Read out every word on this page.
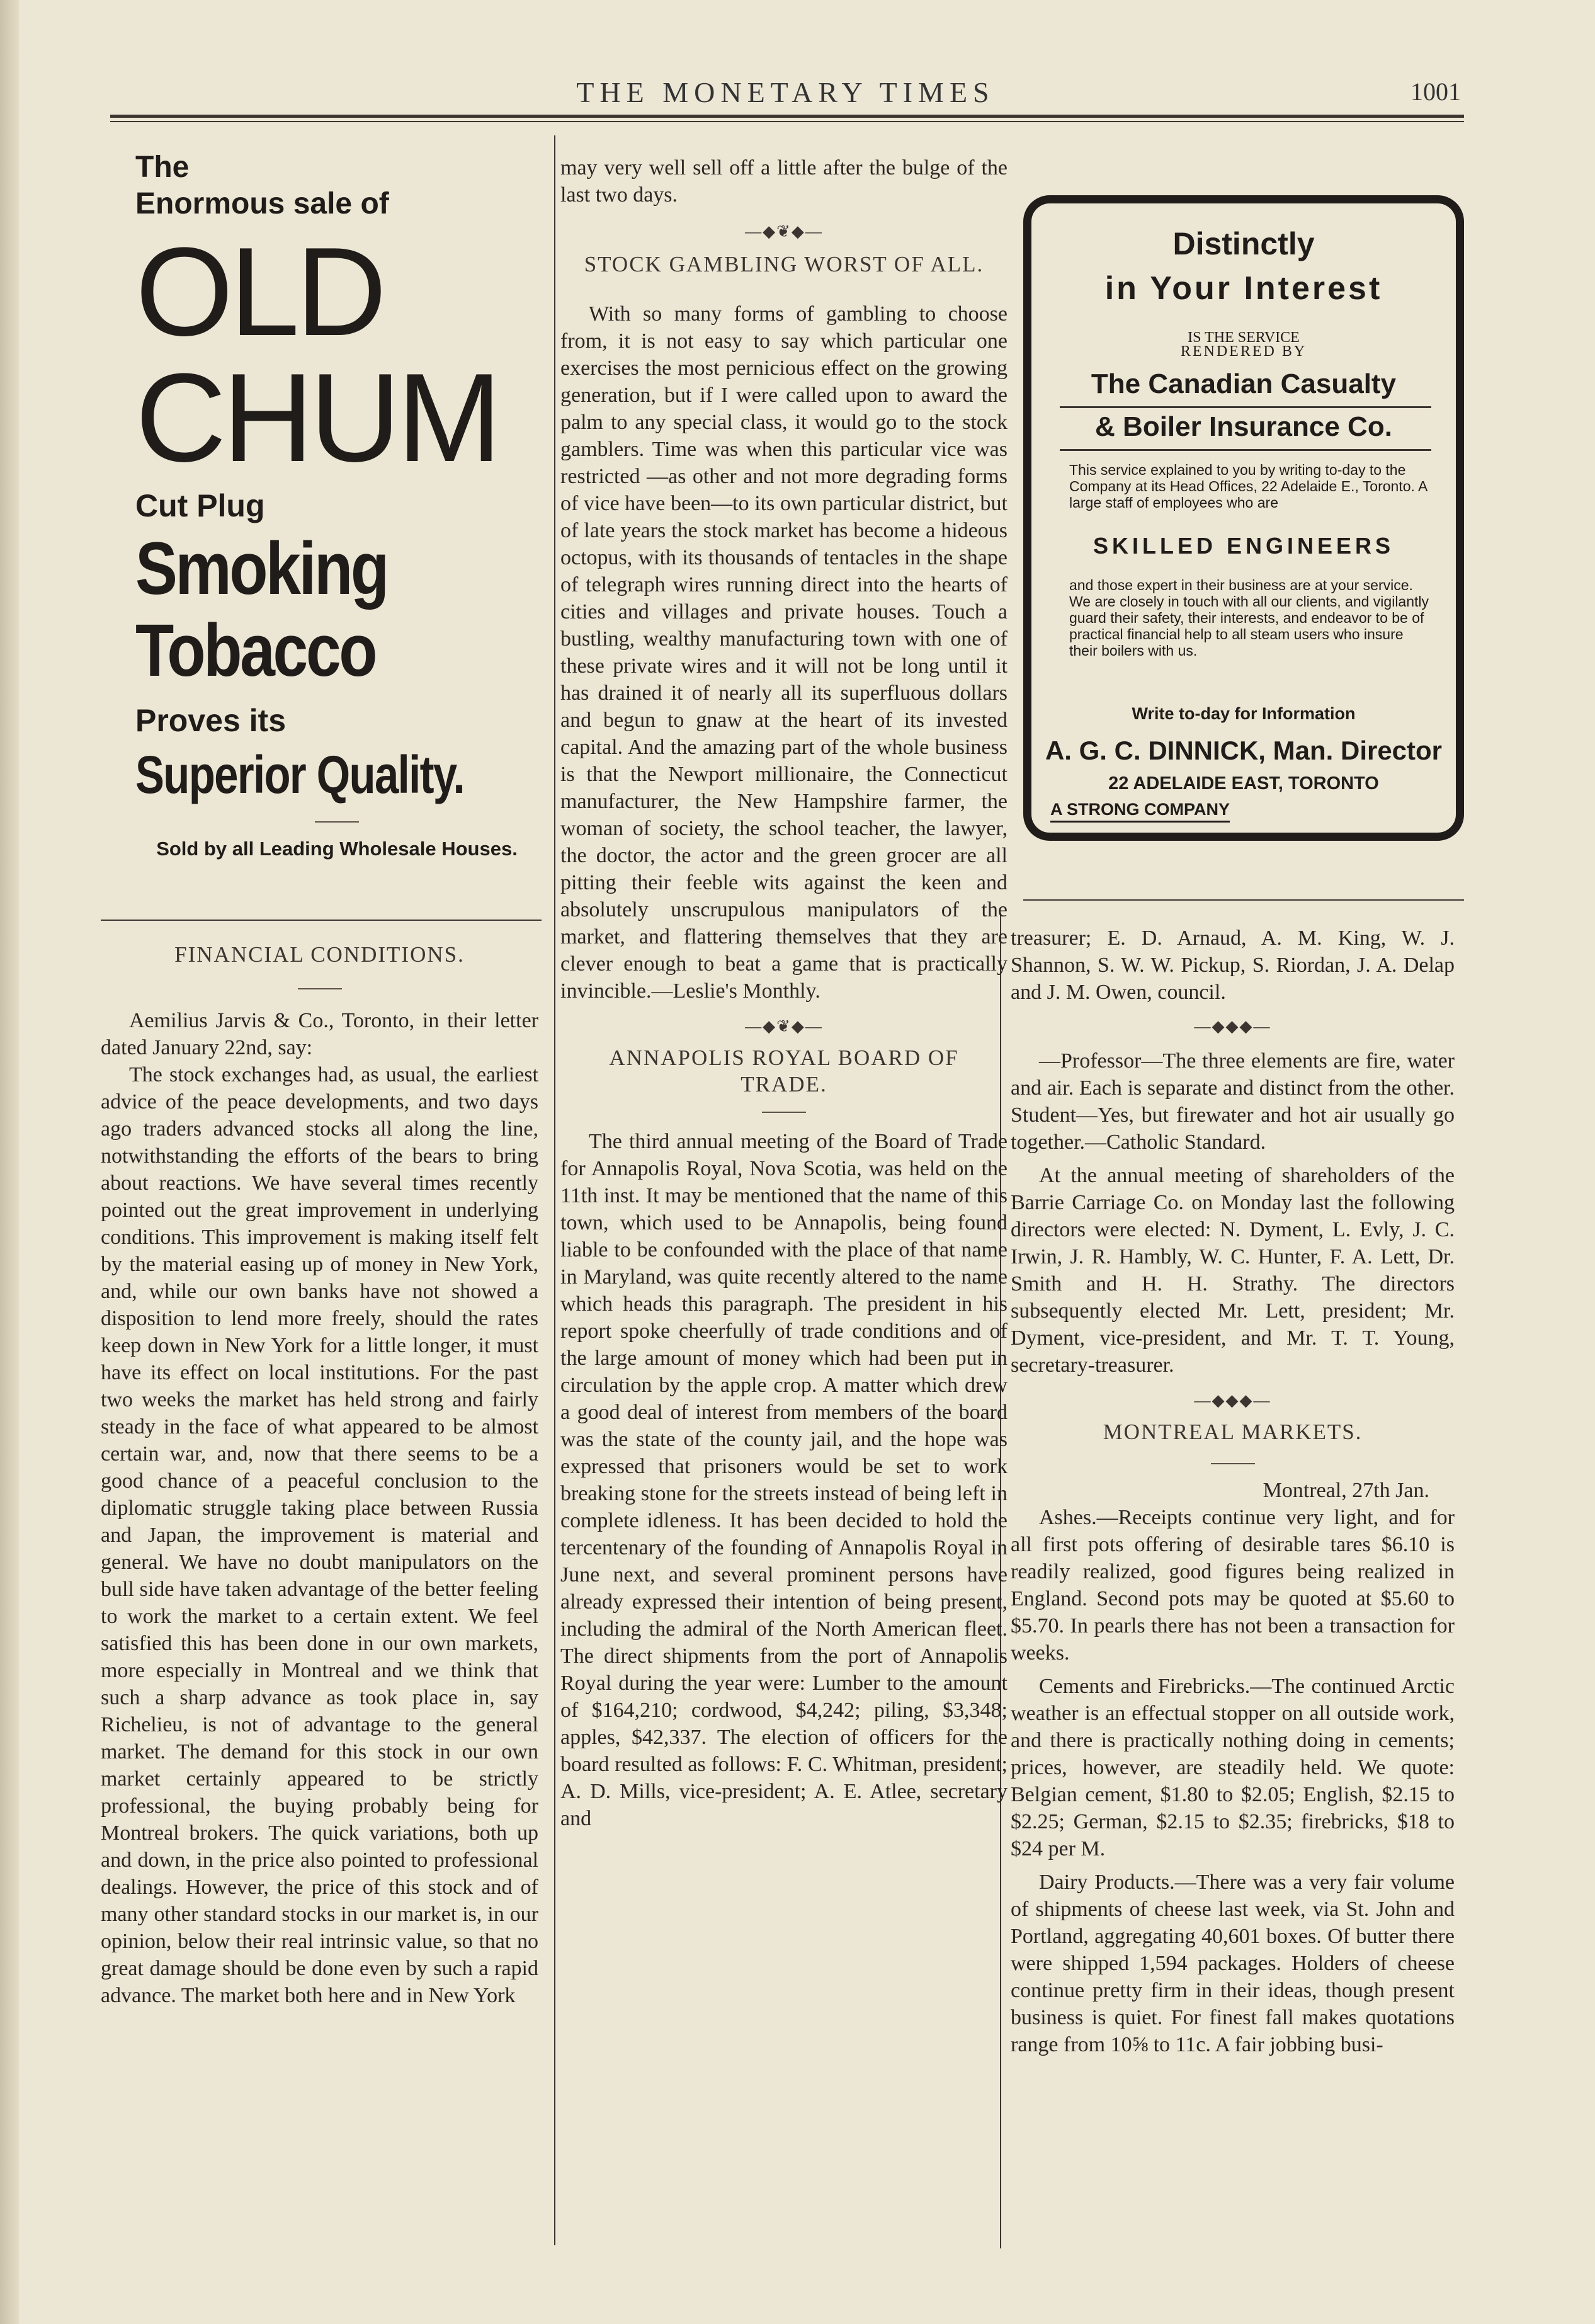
THE MONETARY TIMES	1001
The
Enormous sale of
OLD
CHUM
Cut Plug
Smoking
Tobacco
Proves its
Superior Quality.
Sold by all Leading Wholesale Houses.
FINANCIAL CONDITIONS.

Aemilius Jarvis & Co., Toronto, in their letter dated January 22nd, say:

The stock exchanges had, as usual, the earliest advice of the peace developments, and two days ago traders advanced stocks all along the line, notwithstanding the efforts of the bears to bring about reactions. We have several times recently pointed out the great improvement in underlying conditions. This improvement is making itself felt by the material easing up of money in New York, and, while our own banks have not showed a disposition to lend more freely, should the rates keep down in New York for a little longer, it must have its effect on local institutions. For the past two weeks the market has held strong and fairly steady in the face of what appeared to be almost certain war, and, now that there seems to be a good chance of a peaceful conclusion to the diplomatic struggle taking place between Russia and Japan, the improvement is material and general. We have no doubt manipulators on the bull side have taken advantage of the better feeling to work the market to a certain extent. We feel satisfied this has been done in our own markets, more especially in Montreal and we think that such a sharp advance as took place in, say Richelieu, is not of advantage to the general market. The demand for this stock in our own market certainly appeared to be strictly professional, the buying probably being for Montreal brokers. The quick variations, both up and down, in the price also pointed to professional dealings. However, the price of this stock and of many other standard stocks in our market is, in our opinion, below their real intrinsic value, so that no great damage should be done even by such a rapid advance. The market both here and in New York

may very well sell off a little after the bulge of the last two days.

—◆❦◆—
STOCK GAMBLING WORST OF ALL.

With so many forms of gambling to choose from, it is not easy to say which particular one exercises the most pernicious effect on the growing generation, but if I were called upon to award the palm to any special class, it would go to the stock gamblers. Time was when this particular vice was restricted —as other and not more degrading forms of vice have been—to its own particular district, but of late years the stock market has become a hideous octopus, with its thousands of tentacles in the shape of telegraph wires running direct into the hearts of cities and villages and private houses. Touch a bustling, wealthy manufacturing town with one of these private wires and it will not be long until it has drained it of nearly all its superfluous dollars and begun to gnaw at the heart of its invested capital. And the amazing part of the whole business is that the Newport millionaire, the Connecticut manufacturer, the New Hampshire farmer, the woman of society, the school teacher, the lawyer, the doctor, the actor and the green grocer are all pitting their feeble wits against the keen and absolutely unscrupulous manipulators of the market, and flattering themselves that they are clever enough to beat a game that is practically invincible.—Leslie's Monthly.

—◆❦◆—
ANNAPOLIS ROYAL BOARD OF TRADE.

The third annual meeting of the Board of Trade for Annapolis Royal, Nova Scotia, was held on the 11th inst. It may be mentioned that the name of this town, which used to be Annapolis, being found liable to be confounded with the place of that name in Maryland, was quite recently altered to the name which heads this paragraph. The president in his report spoke cheerfully of trade conditions and of the large amount of money which had been put in circulation by the apple crop. A matter which drew a good deal of interest from members of the board was the state of the county jail, and the hope was expressed that prisoners would be set to work breaking stone for the streets instead of being left in complete idleness. It has been decided to hold the tercentenary of the founding of Annapolis Royal in June next, and several prominent persons have already expressed their intention of being present, including the admiral of the North American fleet. The direct shipments from the port of Annapolis Royal during the year were: Lumber to the amount of $164,210; cordwood, $4,242; piling, $3,348; apples, $42,337. The election of officers for the board resulted as follows: F. C. Whitman, president; A. D. Mills, vice-president; A. E. Atlee, secretary and

Distinctly
in Your Interest
IS THE SERVICE
RENDERED BY
The Canadian Casualty
& Boiler Insurance Co.
This service explained to you by writing to-day to the Company at its Head Offices, 22 Adelaide E., Toronto. A large staff of employees who are
SKILLED ENGINEERS
and those expert in their business are at your service. We are closely in touch with all our clients, and vigilantly guard their safety, their interests, and endeavor to be of practical financial help to all steam users who insure their boilers with us.
Write to-day for Information
A. G. C. DINNICK, Man. Director
22 ADELAIDE EAST, TORONTO
A STRONG COMPANY

treasurer; E. D. Arnaud, A. M. King, W. J. Shannon, S. W. W. Pickup, S. Riordan, J. A. Delap and J. M. Owen, council.

—◆◆◆—

—Professor—The three elements are fire, water and air. Each is separate and distinct from the other. Student—Yes, but firewater and hot air usually go together.—Catholic Standard.

At the annual meeting of shareholders of the Barrie Carriage Co. on Monday last the following directors were elected: N. Dyment, L. Evly, J. C. Irwin, J. R. Hambly, W. C. Hunter, F. A. Lett, Dr. Smith and H. H. Strathy. The directors subsequently elected Mr. Lett, president; Mr. Dyment, vice-president, and Mr. T. T. Young, secretary-treasurer.

—◆◆◆—
MONTREAL MARKETS.
Montreal, 27th Jan.

Ashes.—Receipts continue very light, and for all first pots offering of desirable tares $6.10 is readily realized, good figures being realized in England. Second pots may be quoted at $5.60 to $5.70. In pearls there has not been a transaction for weeks.

Cements and Firebricks.—The continued Arctic weather is an effectual stopper on all outside work, and there is practically nothing doing in cements; prices, however, are steadily held. We quote: Belgian cement, $1.80 to $2.05; English, $2.15 to $2.25; German, $2.15 to $2.35; firebricks, $18 to $24 per M.

Dairy Products.—There was a very fair volume of shipments of cheese last week, via St. John and Portland, aggregating 40,601 boxes. Of butter there were shipped 1,594 packages. Holders of cheese continue pretty firm in their ideas, though present business is quiet. For finest fall makes quotations range from 10⅝ to 11c. A fair jobbing busi-
